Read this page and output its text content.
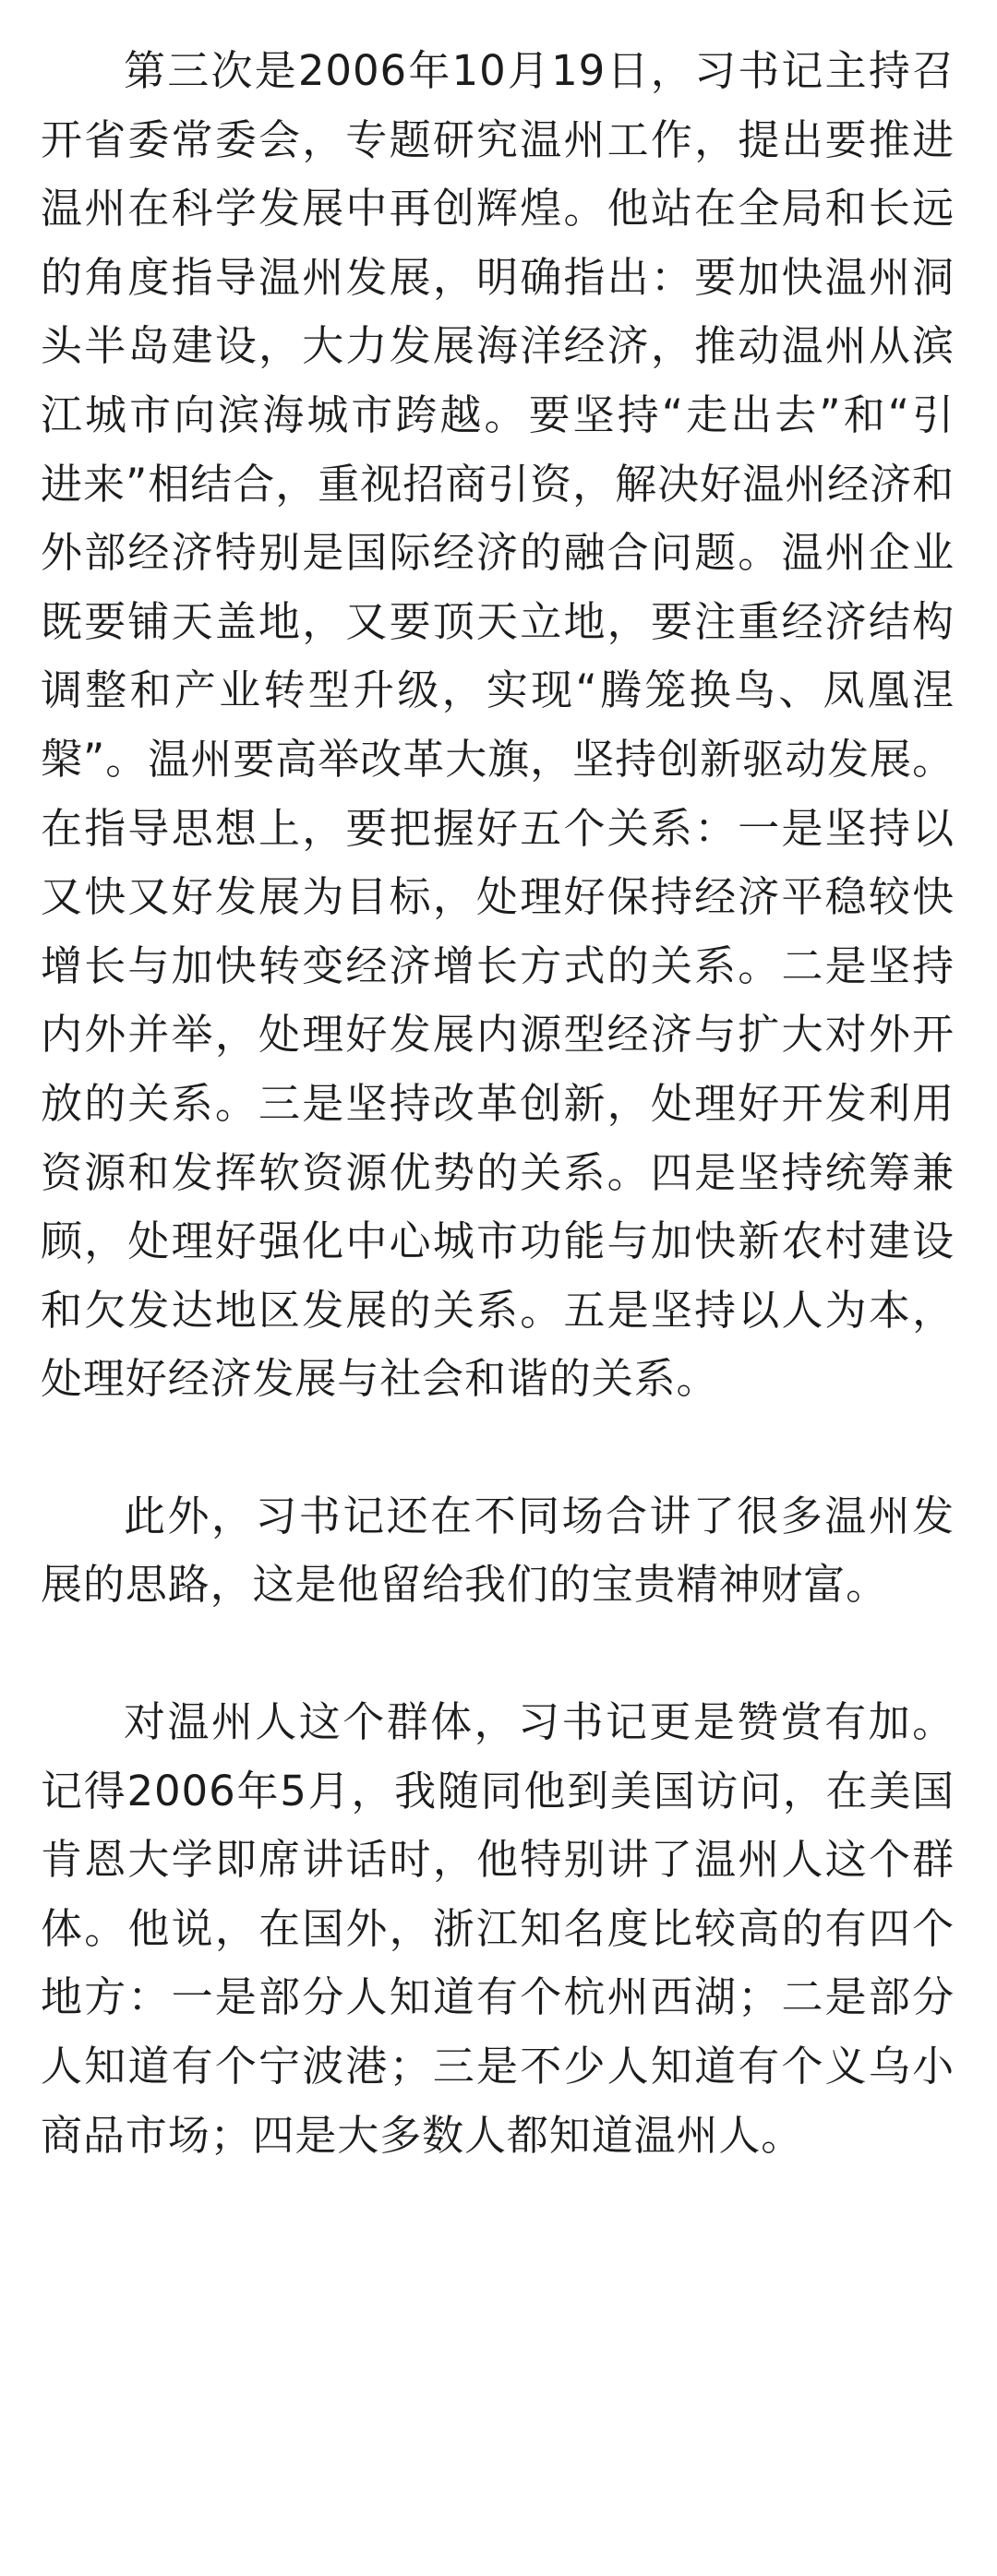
第三次是2006年10月19日，习书记主持召开省委常委会，专题研究温州工作，提出要推进温州在科学发展中再创辉煌。他站在全局和长远的角度指导温州发展，明确指出：要加快温州洞头半岛建设，大力发展海洋经济，推动温州从滨江城市向滨海城市跨越。要坚持“走出去”和“引进来”相结合，重视招商引资，解决好温州经济和外部经济特别是国际经济的融合问题。温州企业既要铺天盖地，又要顶天立地，要注重经济结构调整和产业转型升级，实现“腾笼换鸟、凤凰涅槃”。温州要高举改革大旗，坚持创新驱动发展。在指导思想上，要把握好五个关系：一是坚持以又快又好发展为目标，处理好保持经济平稳较快增长与加快转变经济增长方式的关系。二是坚持内外并举，处理好发展内源型经济与扩大对外开放的关系。三是坚持改革创新，处理好开发利用资源和发挥软资源优势的关系。四是坚持统筹兼顾，处理好强化中心城市功能与加快新农村建设和欠发达地区发展的关系。五是坚持以人为本，处理好经济发展与社会和谐的关系。

此外，习书记还在不同场合讲了很多温州发展的思路，这是他留给我们的宝贵精神财富。

对温州人这个群体，习书记更是赞赏有加。记得2006年5月，我随同他到美国访问，在美国肯恩大学即席讲话时，他特别讲了温州人这个群体。他说，在国外，浙江知名度比较高的有四个地方：一是部分人知道有个杭州西湖；二是部分人知道有个宁波港；三是不少人知道有个义乌小商品市场；四是大多数人都知道温州人。
